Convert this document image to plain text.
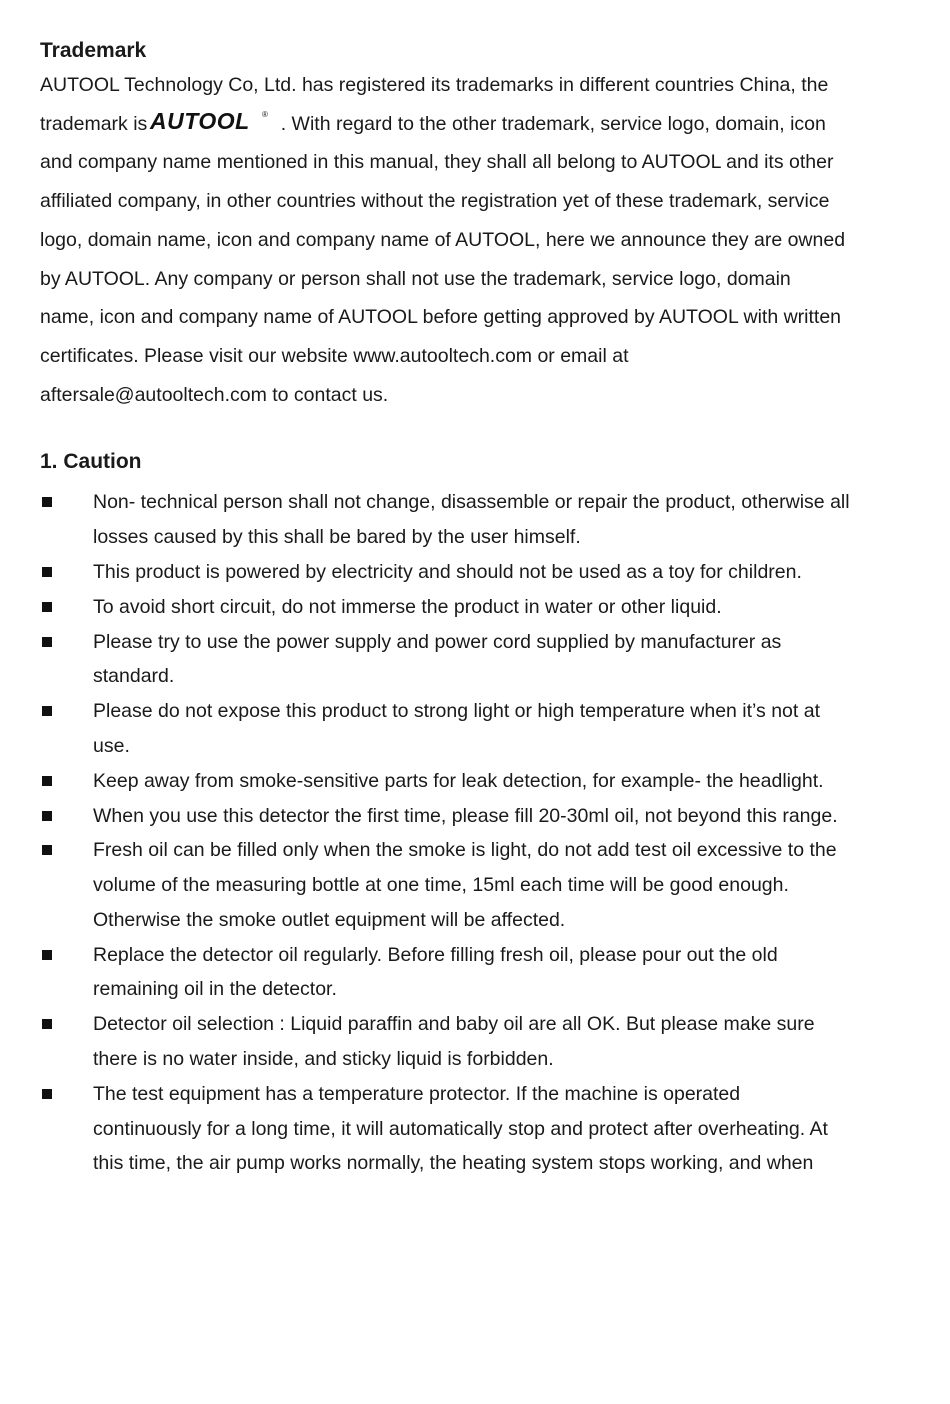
Trademark

AUTOOL Technology Co, Ltd. has registered its trademarks in different countries China, the trademark is AUTOOL ® . With regard to the other trademark, service logo, domain, icon and company name mentioned in this manual, they shall all belong to AUTOOL and its other affiliated company, in other countries without the registration yet of these trademark, service logo, domain name, icon and company name of AUTOOL, here we announce they are owned by AUTOOL. Any company or person shall not use the trademark, service logo, domain name, icon and company name of AUTOOL before getting approved by AUTOOL with written certificates. Please visit our website www.autooltech.com or email at aftersale@autooltech.com to contact us.

1. Caution
Non- technical person shall not change, disassemble or repair the product, otherwise all losses caused by this shall be bared by the user himself.
This product is powered by electricity and should not be used as a toy for children.
To avoid short circuit, do not immerse the product in water or other liquid.
Please try to use the power supply and power cord supplied by manufacturer as standard.
Please do not expose this product to strong light or high temperature when it’s not at use.
Keep away from smoke-sensitive parts for leak detection, for example- the headlight.
When you use this detector the first time, please fill 20-30ml oil, not beyond this range.
Fresh oil can be filled only when the smoke is light, do not add test oil excessive to the volume of the measuring bottle at one time, 15ml each time will be good enough. Otherwise the smoke outlet equipment will be affected.
Replace the detector oil regularly. Before filling fresh oil, please pour out the old remaining oil in the detector.
Detector oil selection : Liquid paraffin and baby oil are all OK. But please make sure there is no water inside, and sticky liquid is forbidden.
The test equipment has a temperature protector. If the machine is operated continuously for a long time, it will automatically stop and protect after overheating. At this time, the air pump works normally, the heating system stops working, and when
